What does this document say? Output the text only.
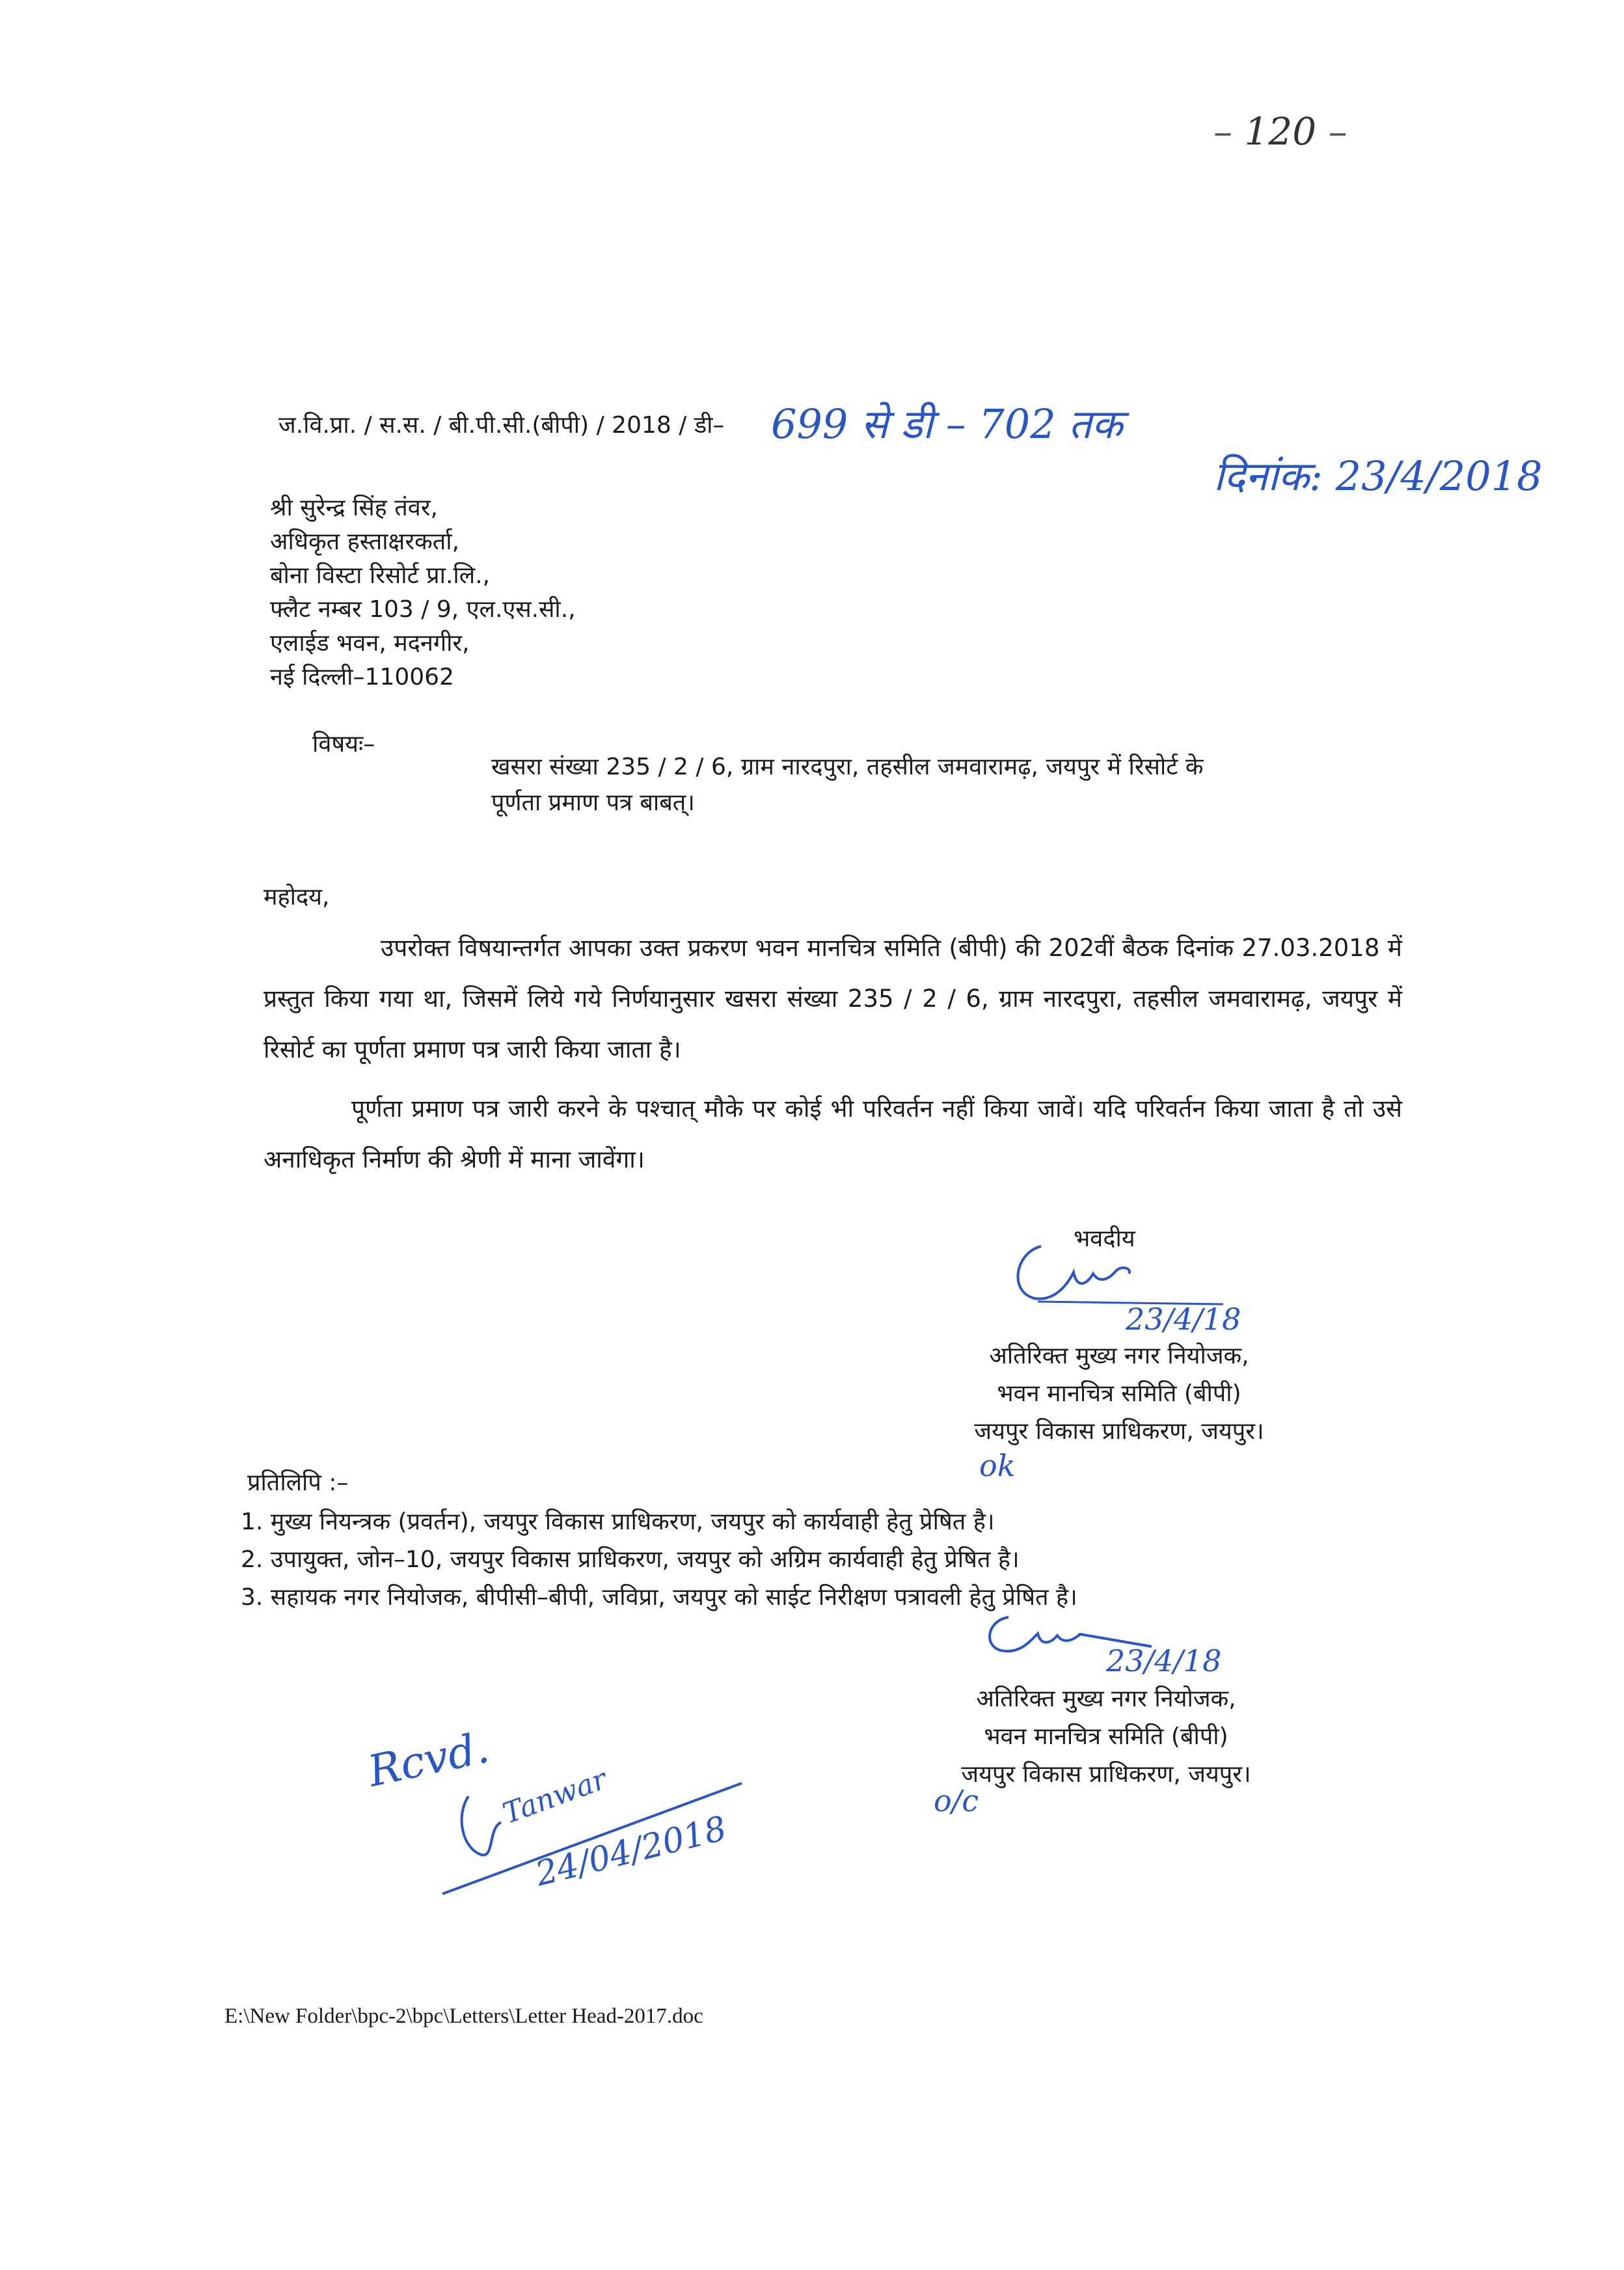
– 120 –
ज.वि.प्रा. / स.स. / बी.पी.सी.(बीपी) / 2018 / डी– 699 से डी – 702 तक
दिनांक: 23/4/2018
श्री सुरेन्द्र सिंह तंवर,
अधिकृत हस्ताक्षरकर्ता,
बोना विस्टा रिसोर्ट प्रा.लि.,
फ्लैट नम्बर 103 / 9, एल.एस.सी.,
एलाईड भवन, मदनगीर,
नई दिल्ली–110062
विषयः–
खसरा संख्या 235 / 2 / 6, ग्राम नारदपुरा, तहसील जमवारामढ़, जयपुर में रिसोर्ट के
पूर्णता प्रमाण पत्र बाबत्।
महोदय,
उपरोक्त विषयान्तर्गत आपका उक्त प्रकरण भवन मानचित्र समिति (बीपी) की 202वीं बैठक दिनांक 27.03.2018 में प्रस्तुत किया गया था, जिसमें लिये गये निर्णयानुसार खसरा संख्या 235 / 2 / 6, ग्राम नारदपुरा, तहसील जमवारामढ़, जयपुर में रिसोर्ट का पूर्णता प्रमाण पत्र जारी किया जाता है।
पूर्णता प्रमाण पत्र जारी करने के पश्चात् मौके पर कोई भी परिवर्तन नहीं किया जावें। यदि परिवर्तन किया जाता है तो उसे अनाधिकृत निर्माण की श्रेणी में माना जावेंगा।
भवदीय
23/4/18
अतिरिक्त मुख्य नगर नियोजक,
भवन मानचित्र समिति (बीपी)
जयपुर विकास प्राधिकरण, जयपुर।
ok
प्रतिलिपि :–
1. मुख्य नियन्त्रक (प्रवर्तन), जयपुर विकास प्राधिकरण, जयपुर को कार्यवाही हेतु प्रेषित है।
2. उपायुक्त, जोन–10, जयपुर विकास प्राधिकरण, जयपुर को अग्रिम कार्यवाही हेतु प्रेषित है।
3. सहायक नगर नियोजक, बीपीसी–बीपी, जविप्रा, जयपुर को साईट निरीक्षण पत्रावली हेतु प्रेषित है।
23/4/18
अतिरिक्त मुख्य नगर नियोजक,
भवन मानचित्र समिति (बीपी)
जयपुर विकास प्राधिकरण, जयपुर।
o/c
Rcvd. Tanwar
24/04/2018
E:\New Folder\bpc-2\bpc\Letters\Letter Head-2017.doc
